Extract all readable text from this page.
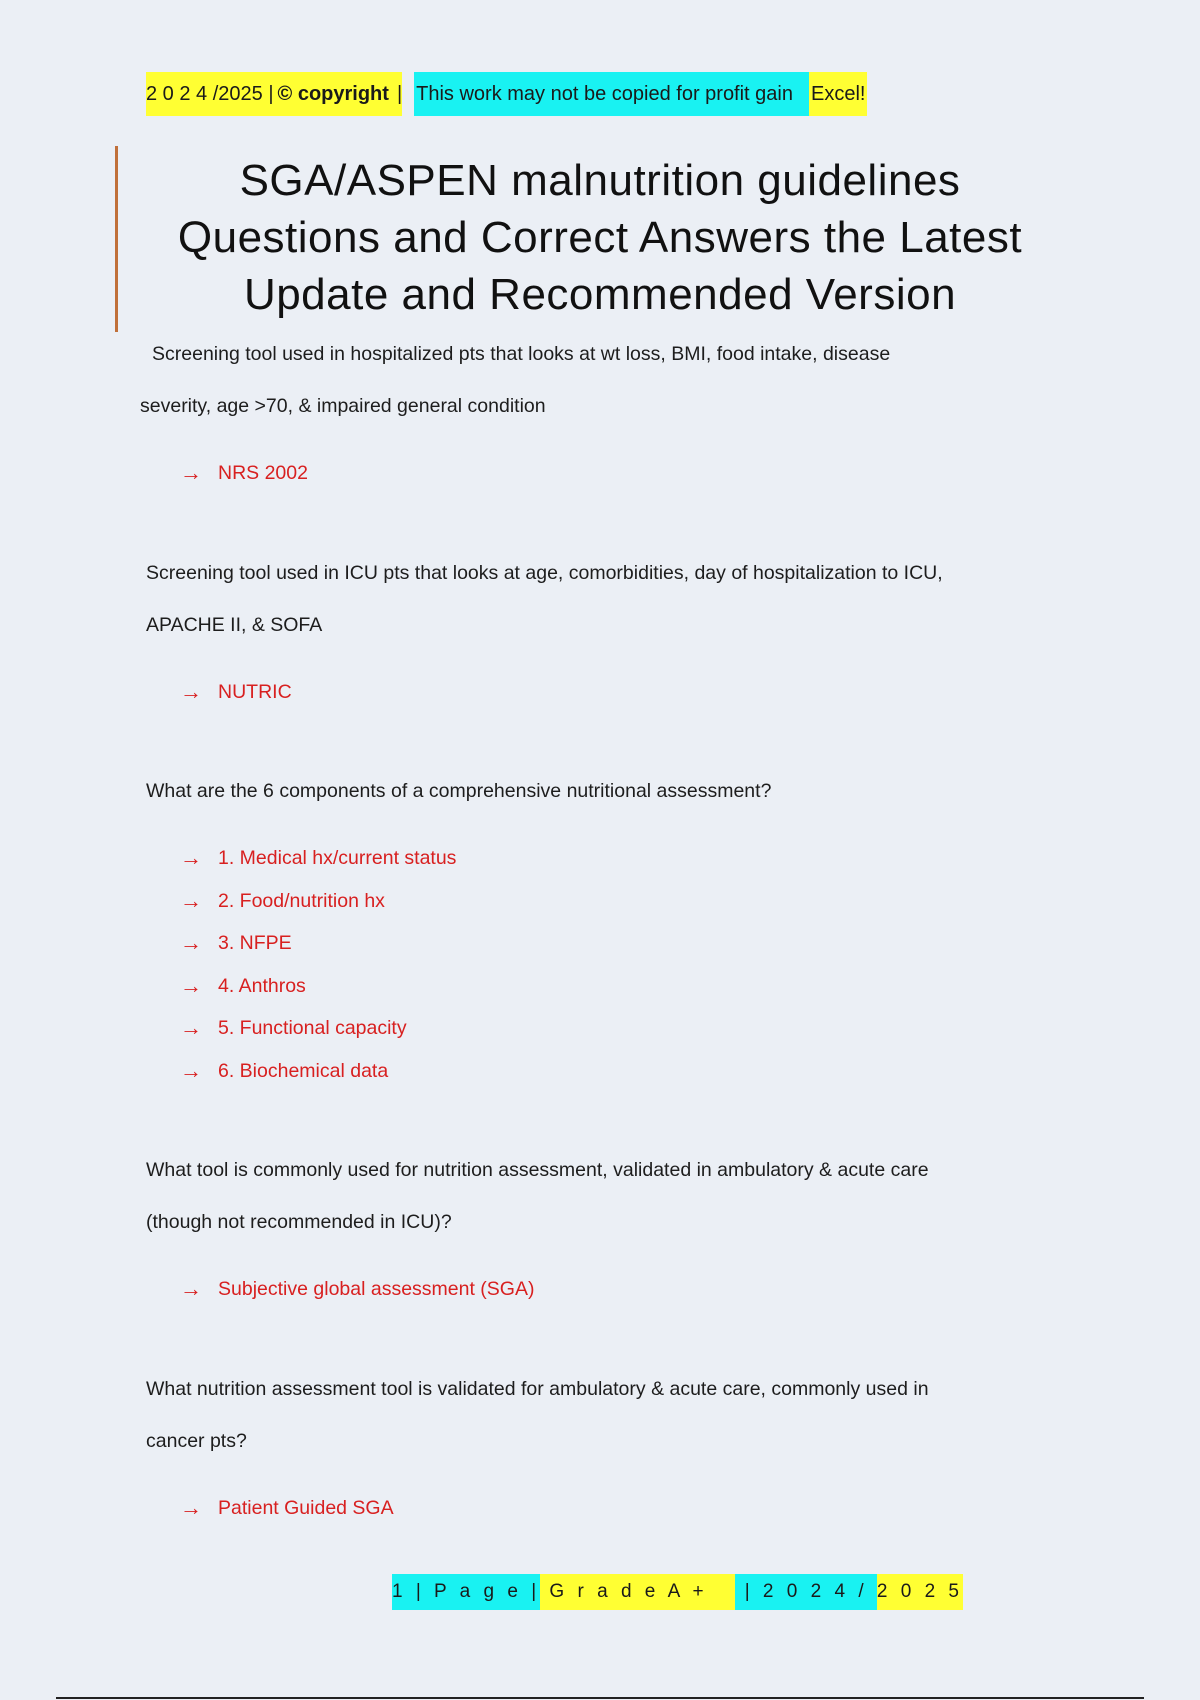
2 0 2 4 /2025 | © copyright | This work may not be copied for profit gain Excel!
SGA/ASPEN malnutrition guidelines
Questions and Correct Answers the Latest
Update and Recommended Version

Screening tool used in hospitalized pts that looks at wt loss, BMI, food intake, disease
severity, age >70, & impaired general condition

→ NRS 2002

Screening tool used in ICU pts that looks at age, comorbidities, day of hospitalization to ICU,
APACHE II, & SOFA

→ NUTRIC

What are the 6 components of a comprehensive nutritional assessment?

→ 1. Medical hx/current status
→ 2. Food/nutrition hx
→ 3. NFPE
→ 4. Anthros
→ 5. Functional capacity
→ 6. Biochemical data

What tool is commonly used for nutrition assessment, validated in ambulatory & acute care
(though not recommended in ICU)?

→ Subjective global assessment (SGA)

What nutrition assessment tool is validated for ambulatory & acute care, commonly used in
cancer pts?

→ Patient Guided SGA
1 | P a g e | G r a d e A + | 2 0 2 4 / 2 0 2 5
